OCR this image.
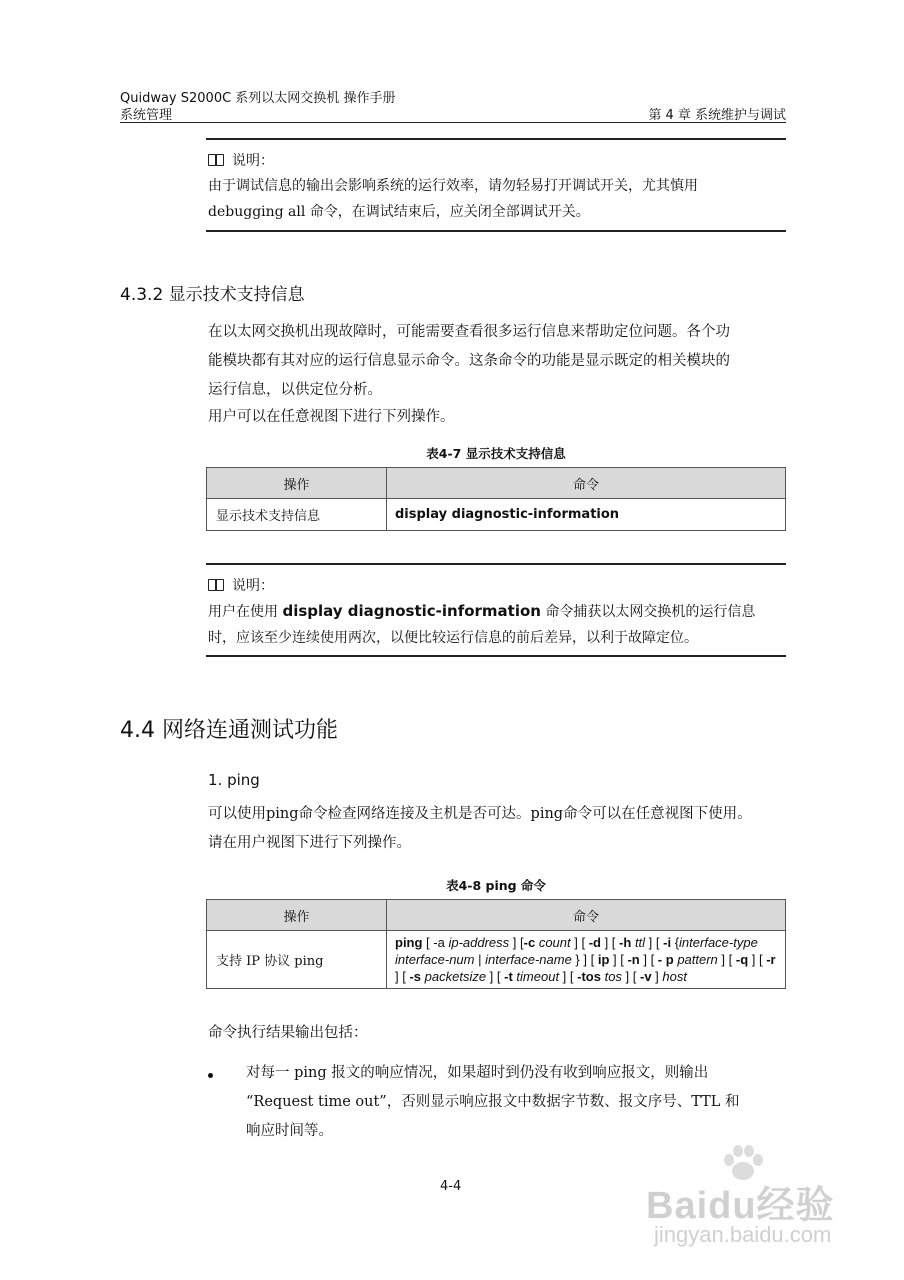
Quidway S2000C 系列以太网交换机 操作手册
系统管理	第 4 章 系统维护与调试
说明：
由于调试信息的输出会影响系统的运行效率，请勿轻易打开调试开关，尤其慎用
debugging all 命令，在调试结束后，应关闭全部调试开关。
4.3.2 显示技术支持信息
在以太网交换机出现故障时，可能需要查看很多运行信息来帮助定位问题。各个功
能模块都有其对应的运行信息显示命令。这条命令的功能是显示既定的相关模块的
运行信息，以供定位分析。
用户可以在任意视图下进行下列操作。
表4-7 显示技术支持信息
操作	命令
显示技术支持信息	display diagnostic-information
说明：
用户在使用 display diagnostic-information 命令捕获以太网交换机的运行信息
时，应该至少连续使用两次，以便比较运行信息的前后差异，以利于故障定位。
4.4 网络连通测试功能
1. ping
可以使用ping命令检查网络连接及主机是否可达。ping命令可以在任意视图下使用。
请在用户视图下进行下列操作。
表4-8 ping 命令
操作	命令
支持 IP 协议 ping	ping [ -a ip-address ] [-c count ] [ -d ] [ -h ttl ] [ -i {interface-type interface-num | interface-name } ] [ ip ] [ -n ] [ - p pattern ] [ -q ] [ -r ] [ -s packetsize ] [ -t timeout ] [ -tos tos ] [ -v ] host
命令执行结果输出包括：
对每一 ping 报文的响应情况，如果超时到仍没有收到响应报文，则输出
“Request time out”，否则显示响应报文中数据字节数、报文序号、TTL 和
响应时间等。
4-4	Baidu经验
jingyan.baidu.com
